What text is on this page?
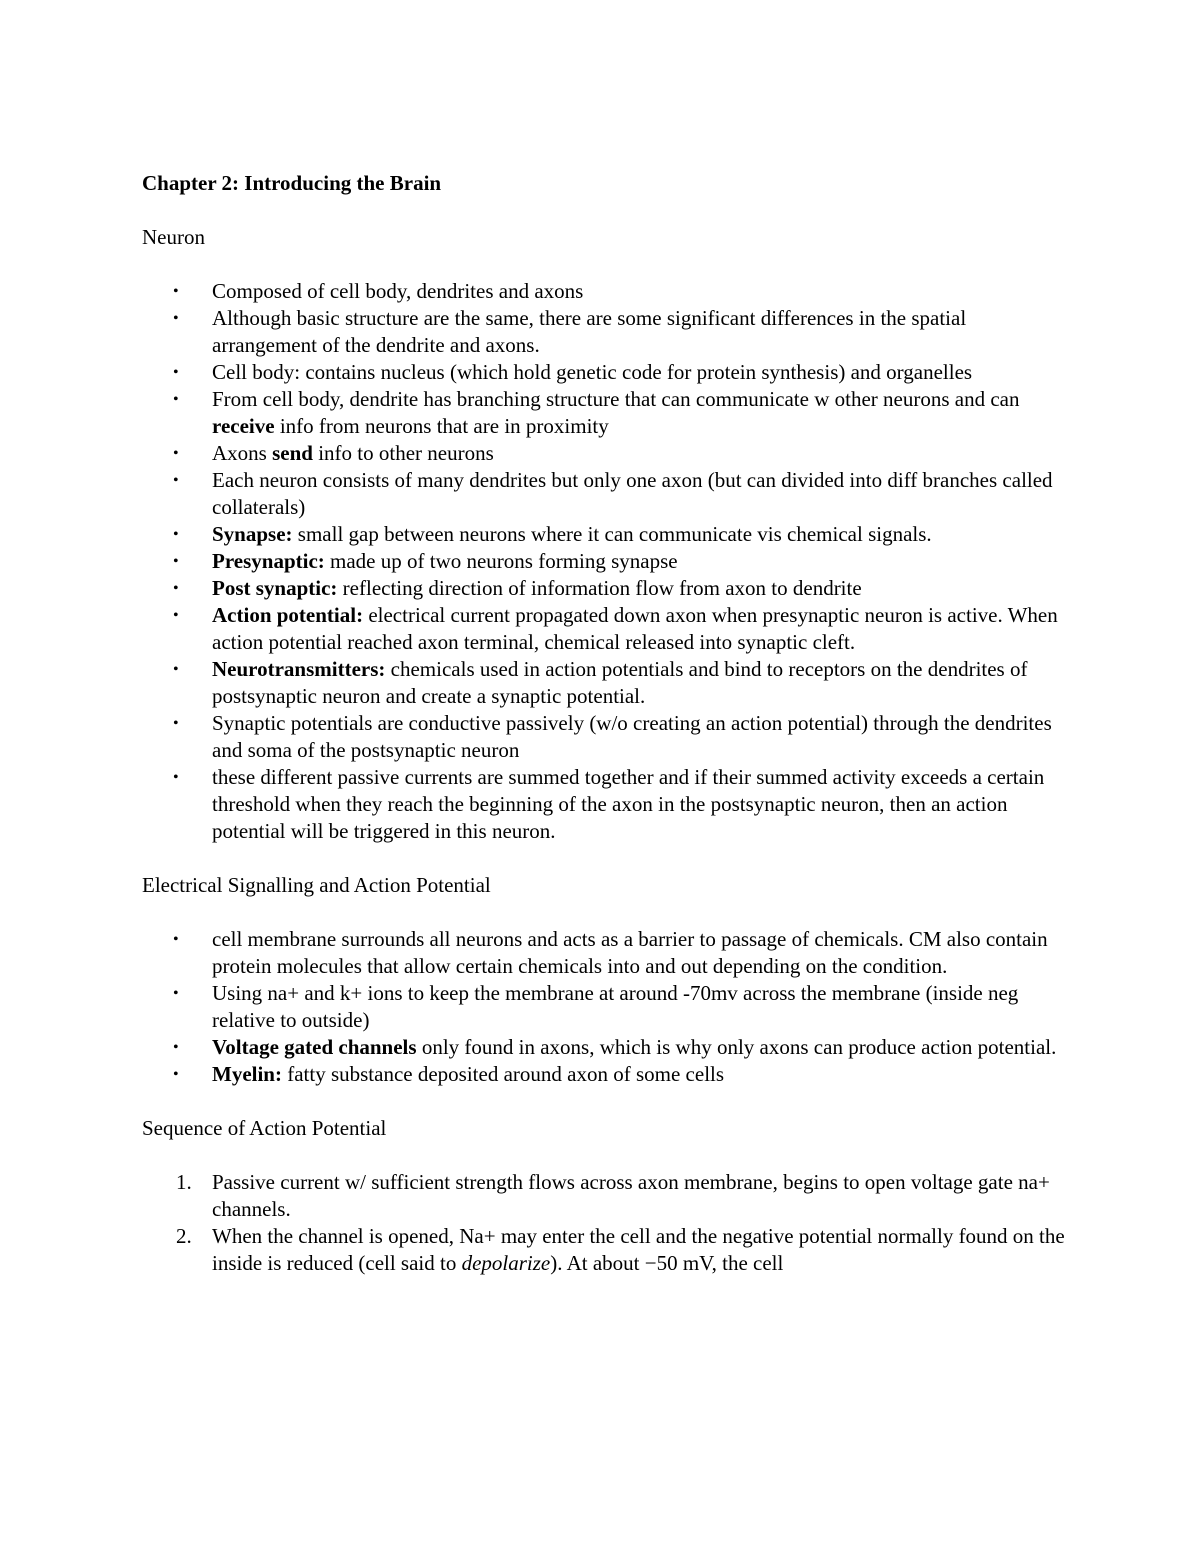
Chapter 2: Introducing the Brain

Neuron

• Composed of cell body, dendrites and axons
• Although basic structure are the same, there are some significant differences in the spatial arrangement of the dendrite and axons.
• Cell body: contains nucleus (which hold genetic code for protein synthesis) and organelles
• From cell body, dendrite has branching structure that can communicate w other neurons and can receive info from neurons that are in proximity
• Axons send info to other neurons
• Each neuron consists of many dendrites but only one axon (but can divided into diff branches called collaterals)
• Synapse: small gap between neurons where it can communicate vis chemical signals.
• Presynaptic: made up of two neurons forming synapse
• Post synaptic: reflecting direction of information flow from axon to dendrite
• Action potential: electrical current propagated down axon when presynaptic neuron is active. When action potential reached axon terminal, chemical released into synaptic cleft.
• Neurotransmitters: chemicals used in action potentials and bind to receptors on the dendrites of postsynaptic neuron and create a synaptic potential.
• Synaptic potentials are conductive passively (w/o creating an action potential) through the dendrites and soma of the postsynaptic neuron
• these different passive currents are summed together and if their summed activity exceeds a certain threshold when they reach the beginning of the axon in the postsynaptic neuron, then an action potential will be triggered in this neuron.

Electrical Signalling and Action Potential

• cell membrane surrounds all neurons and acts as a barrier to passage of chemicals. CM also contain protein molecules that allow certain chemicals into and out depending on the condition.
• Using na+ and k+ ions to keep the membrane at around -70mv across the membrane (inside neg relative to outside)
• Voltage gated channels only found in axons, which is why only axons can produce action potential.
• Myelin: fatty substance deposited around axon of some cells

Sequence of Action Potential

1. Passive current w/ sufficient strength flows across axon membrane, begins to open voltage gate na+ channels.
2. When the channel is opened, Na+ may enter the cell and the negative potential normally found on the inside is reduced (cell said to depolarize). At about −50 mV, the cell
